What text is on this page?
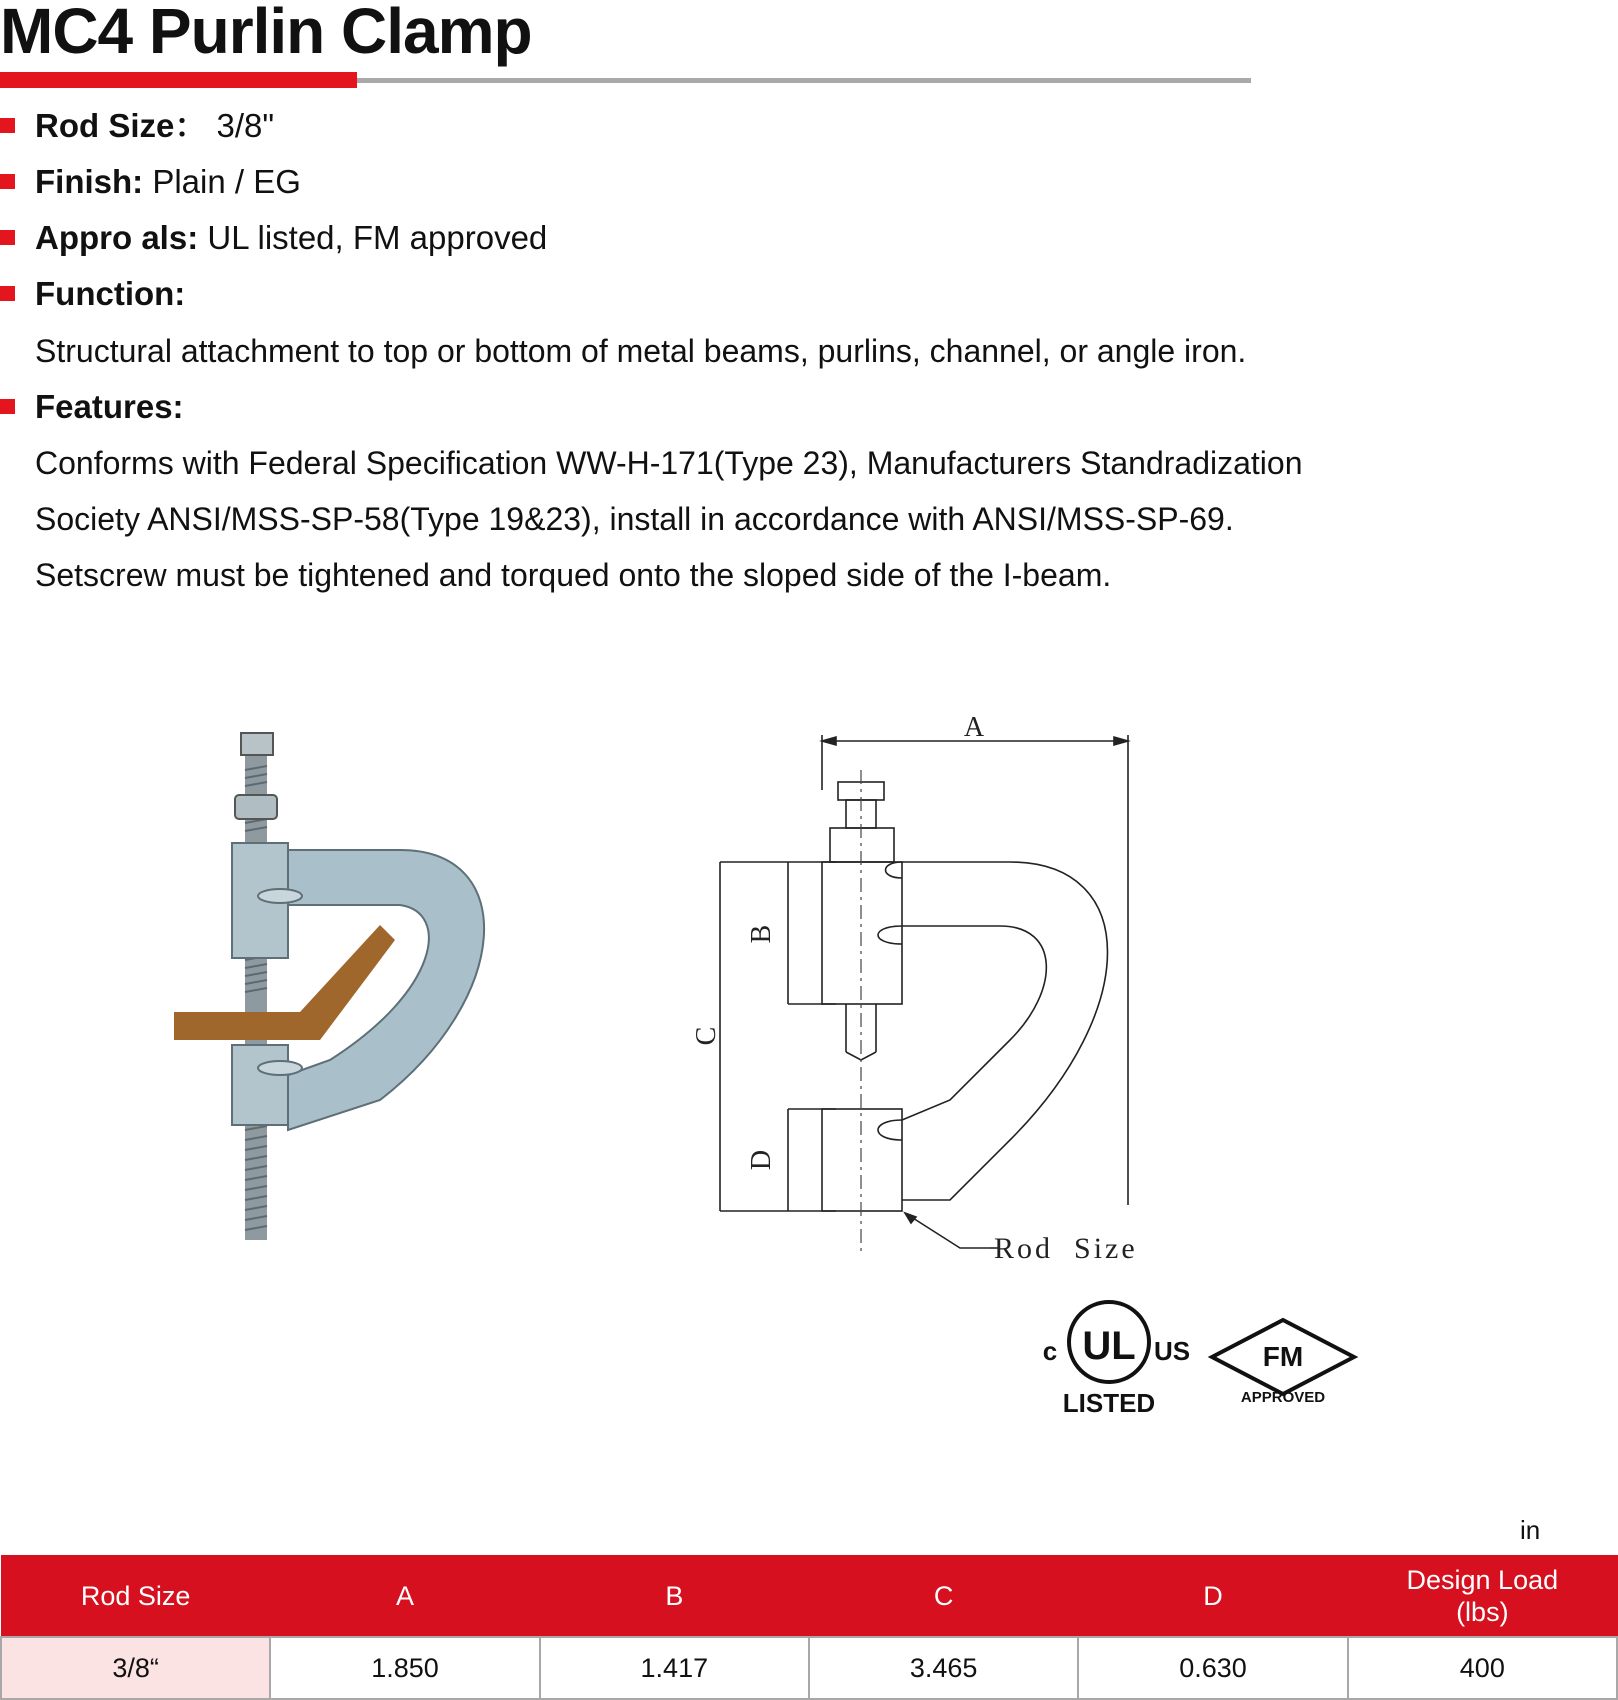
MC4 Purlin Clamp
Rod Size： 3/8"
Finish: Plain / EG
Appro als: UL listed, FM approved
Function:
Structural attachment to top or bottom of metal beams, purlins, channel, or angle iron.
Features:
Conforms with Federal Specification WW-H-171(Type 23), Manufacturers Standradization
Society ANSI/MSS-SP-58(Type 19&23), install in accordance with ANSI/MSS-SP-69.
Setscrew must be tightened and torqued onto the sloped side of the I-beam.
A
B
C
D
Rod  Size
c UL US
LISTED
FM
APPROVED
in
Rod Size	A	B	C	D	Design Load (lbs)
3/8“	1.850	1.417	3.465	0.630	400
